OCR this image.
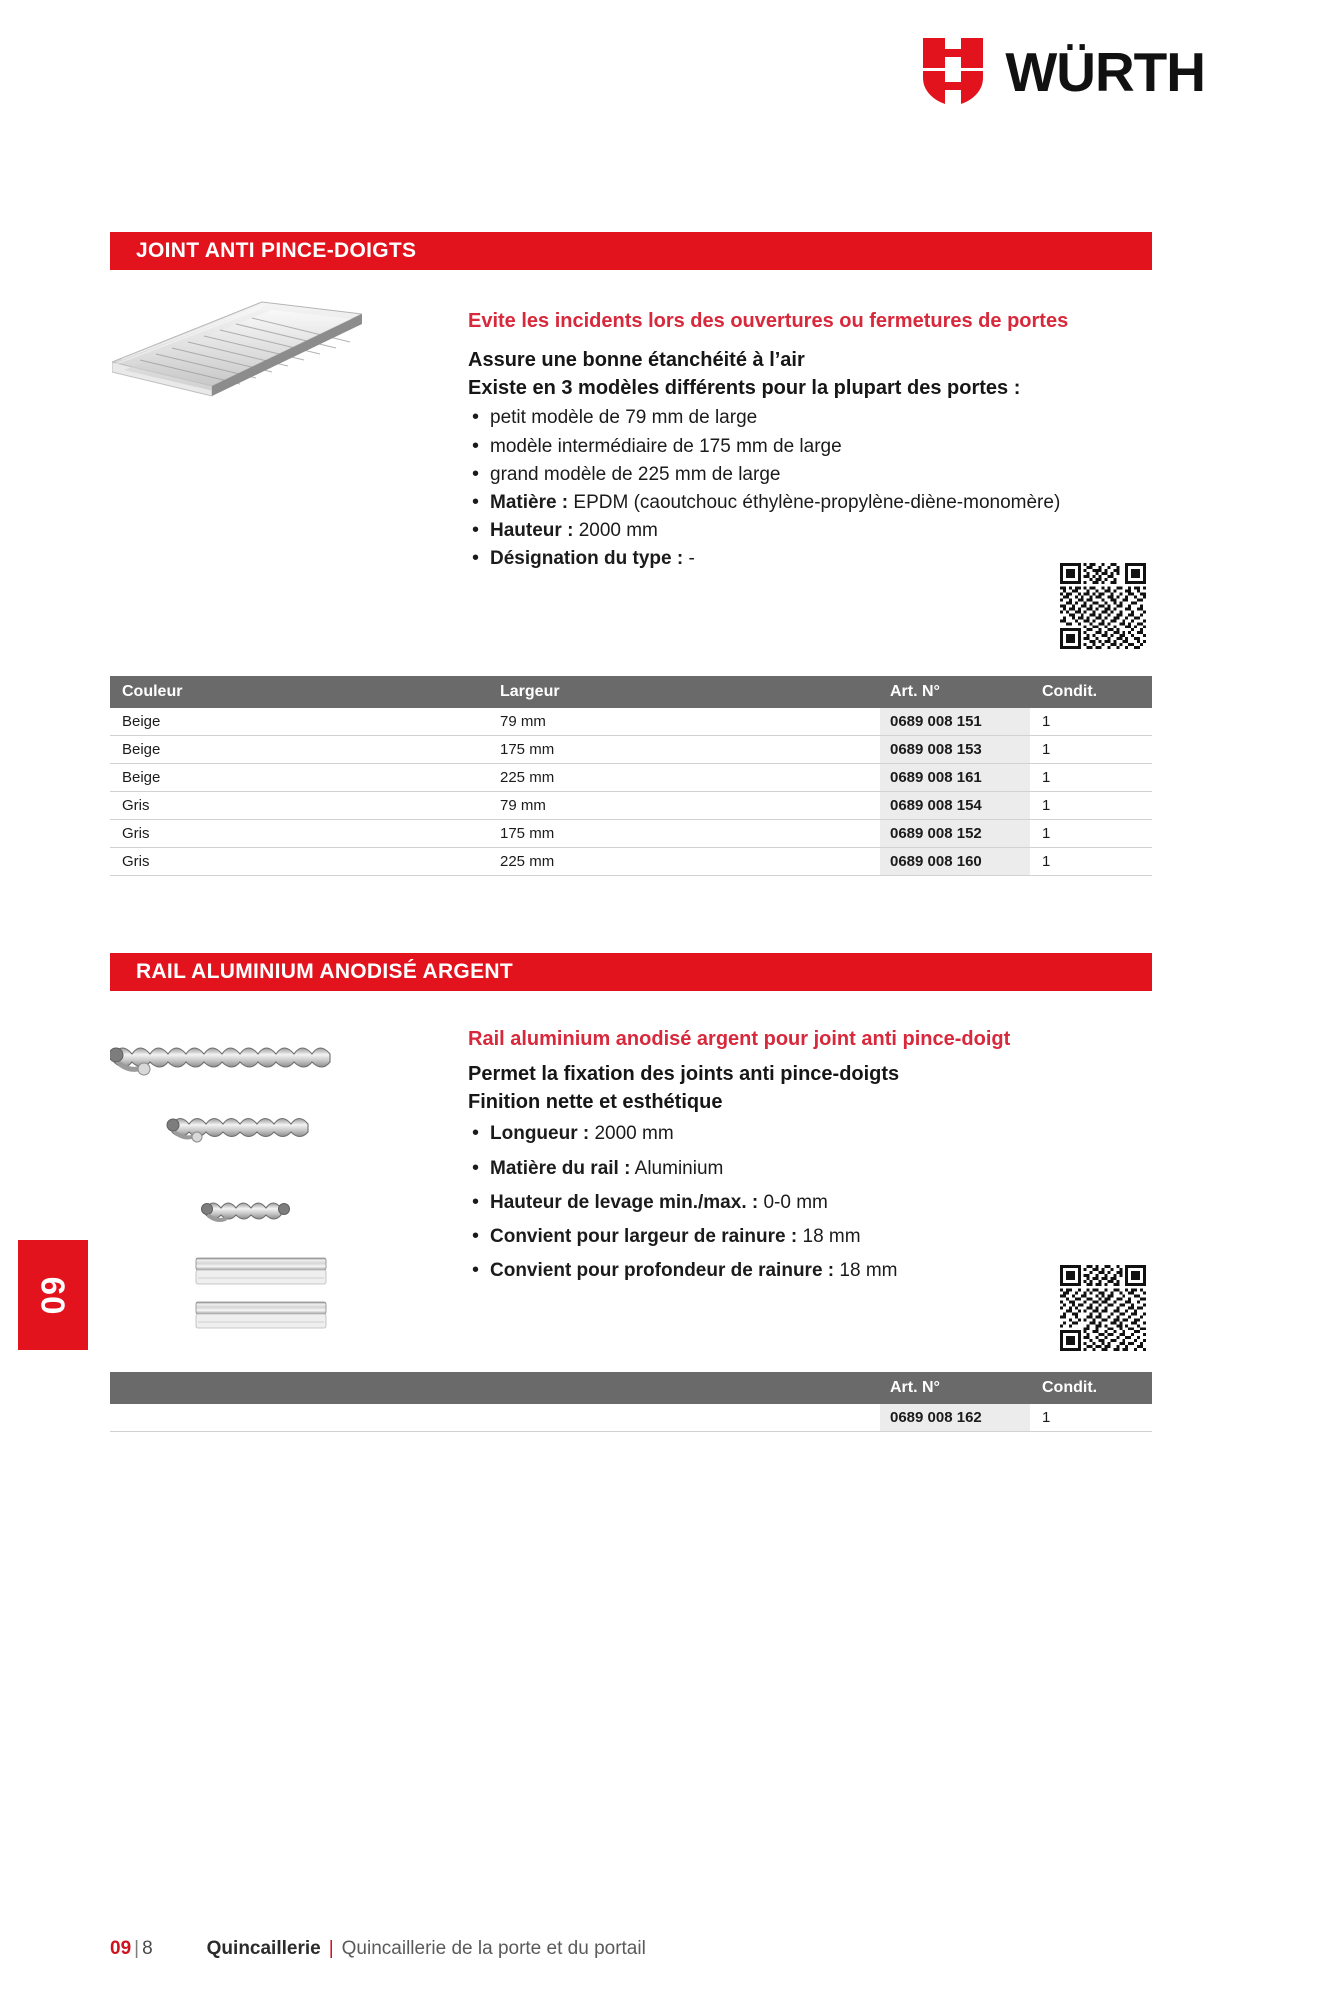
WÜRTH
JOINT ANTI PINCE-DOIGTS
Evite les incidents lors des ouvertures ou fermetures de portes
Assure une bonne étanchéité à l’air
Existe en 3 modèles différents pour la plupart des portes :
• petit modèle de 79 mm de large
• modèle intermédiaire de 175 mm de large
• grand modèle de 225 mm de large
• Matière : EPDM (caoutchouc éthylène-propylène-diène-monomère)
• Hauteur : 2000 mm
• Désignation du type : -
Couleur	Largeur	Art. N°	Condit.
Beige	79 mm	0689 008 151	1
Beige	175 mm	0689 008 153	1
Beige	225 mm	0689 008 161	1
Gris	79 mm	0689 008 154	1
Gris	175 mm	0689 008 152	1
Gris	225 mm	0689 008 160	1
RAIL ALUMINIUM ANODISÉ ARGENT
Rail aluminium anodisé argent pour joint anti pince-doigt
Permet la fixation des joints anti pince-doigts
Finition nette et esthétique
• Longueur : 2000 mm
• Matière du rail : Aluminium
• Hauteur de levage min./max. : 0-0 mm
• Convient pour largeur de rainure : 18 mm
• Convient pour profondeur de rainure : 18 mm
Art. N°	Condit.
0689 008 162	1
09
09 | 8	Quincaillerie | Quincaillerie de la porte et du portail
